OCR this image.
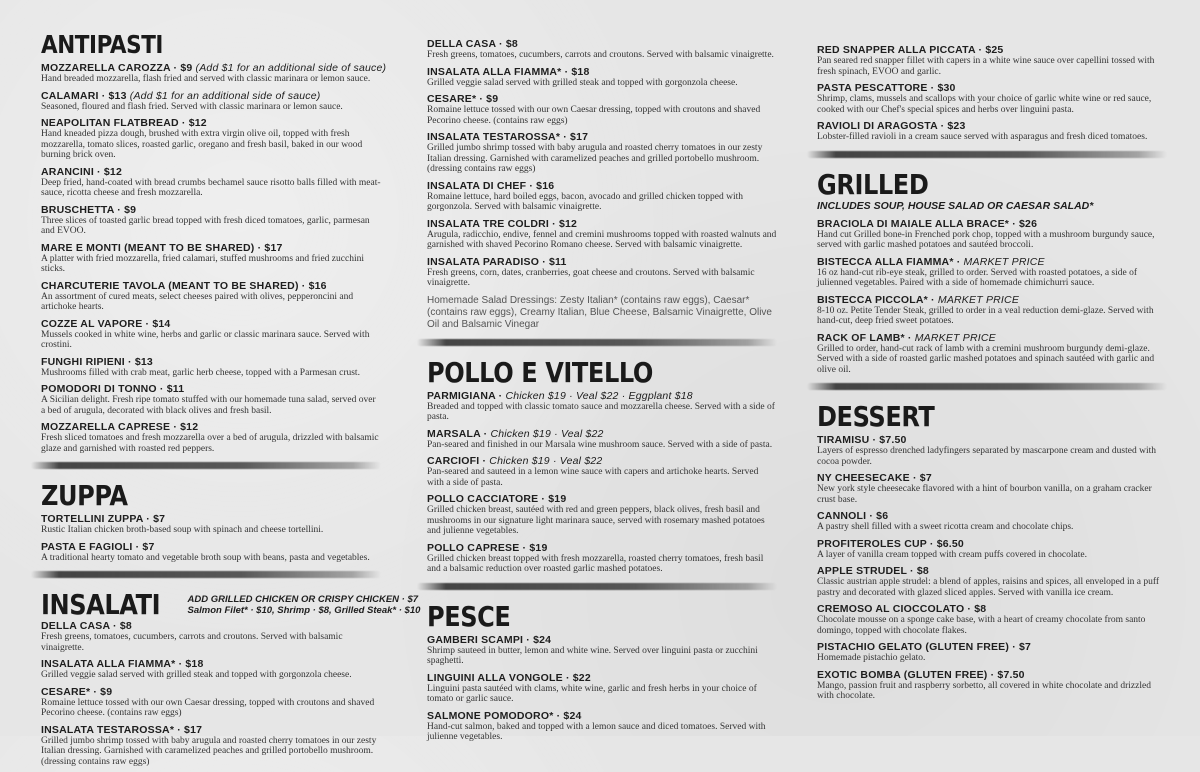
ANTIPASTI
MOZZARELLA CAROZZA · $9 (Add $1 for an additional side of sauce)
Hand breaded mozzarella, flash fried and served with classic marinara or lemon sauce.
CALAMARI · $13 (Add $1 for an additional side of sauce)
Seasoned, floured and flash fried. Served with classic marinara or lemon sauce.
NEAPOLITAN FLATBREAD · $12
Hand kneaded pizza dough, brushed with extra virgin olive oil, topped with fresh mozzarella, tomato slices, roasted garlic, oregano and fresh basil, baked in our wood burning brick oven.
ARANCINI · $12
Deep fried, hand-coated with bread crumbs bechamel sauce risotto balls filled with meat-sauce, ricotta cheese and fresh mozzarella.
BRUSCHETTA · $9
Three slices of toasted garlic bread topped with fresh diced tomatoes, garlic, parmesan and EVOO.
MARE E MONTI (MEANT TO BE SHARED) · $17
A platter with fried mozzarella, fried calamari, stuffed mushrooms and fried zucchini sticks.
CHARCUTERIE TAVOLA (MEANT TO BE SHARED) · $16
An assortment of cured meats, select cheeses paired with olives, pepperoncini and artichoke hearts.
COZZE AL VAPORE · $14
Mussels cooked in white wine, herbs and garlic or classic marinara sauce. Served with crostini.
FUNGHI RIPIENI · $13
Mushrooms filled with crab meat, garlic herb cheese, topped with a Parmesan crust.
POMODORI DI TONNO · $11
A Sicilian delight. Fresh ripe tomato stuffed with our homemade tuna salad, served over a bed of arugula, decorated with black olives and fresh basil.
MOZZARELLA CAPRESE · $12
Fresh sliced tomatoes and fresh mozzarella over a bed of arugula, drizzled with balsamic glaze and garnished with roasted red peppers.
ZUPPA
TORTELLINI ZUPPA · $7
Rustic Italian chicken broth-based soup with spinach and cheese tortellini.
PASTA E FAGIOLI · $7
A traditional hearty tomato and vegetable broth soup with beans, pasta and vegetables.
INSALATI	ADD GRILLED CHICKEN OR CRISPY CHICKEN · $7
Salmon Filet* · $10, Shrimp · $8, Grilled Steak* · $10
DELLA CASA · $8
Fresh greens, tomatoes, cucumbers, carrots and croutons. Served with balsamic vinaigrette.
INSALATA ALLA FIAMMA* · $18
Grilled veggie salad served with grilled steak and topped with gorgonzola cheese.
CESARE* · $9
Romaine lettuce tossed with our own Caesar dressing, topped with croutons and shaved Pecorino cheese. (contains raw eggs)
INSALATA TESTAROSSA* · $17
Grilled jumbo shrimp tossed with baby arugula and roasted cherry tomatoes in our zesty Italian dressing. Garnished with caramelized peaches and grilled portobello mushroom. (dressing contains raw eggs)
DELLA CASA · $8
Fresh greens, tomatoes, cucumbers, carrots and croutons. Served with balsamic vinaigrette.
INSALATA ALLA FIAMMA* · $18
Grilled veggie salad served with grilled steak and topped with gorgonzola cheese.
CESARE* · $9
Romaine lettuce tossed with our own Caesar dressing, topped with croutons and shaved Pecorino cheese. (contains raw eggs)
INSALATA TESTAROSSA* · $17
Grilled jumbo shrimp tossed with baby arugula and roasted cherry tomatoes in our zesty Italian dressing. Garnished with caramelized peaches and grilled portobello mushroom. (dressing contains raw eggs)
INSALATA DI CHEF · $16
Romaine lettuce, hard boiled eggs, bacon, avocado and grilled chicken topped with gorgonzola. Served with balsamic vinaigrette.
INSALATA TRE COLDRI · $12
Arugula, radicchio, endive, fennel and cremini mushrooms topped with roasted walnuts and garnished with shaved Pecorino Romano cheese. Served with balsamic vinaigrette.
INSALATA PARADISO · $11
Fresh greens, corn, dates, cranberries, goat cheese and croutons. Served with balsamic vinaigrette.
Homemade Salad Dressings: Zesty Italian* (contains raw eggs), Caesar* (contains raw eggs), Creamy Italian, Blue Cheese, Balsamic Vinaigrette, Olive Oil and Balsamic Vinegar
POLLO E VITELLO
PARMIGIANA · Chicken $19 · Veal $22 · Eggplant $18
Breaded and topped with classic tomato sauce and mozzarella cheese. Served with a side of pasta.
MARSALA · Chicken $19 · Veal $22
Pan-seared and finished in our Marsala wine mushroom sauce. Served with a side of pasta.
CARCIOFI · Chicken $19 · Veal $22
Pan-seared and sauteed in a lemon wine sauce with capers and artichoke hearts. Served with a side of pasta.
POLLO CACCIATORE · $19
Grilled chicken breast, sautéed with red and green peppers, black olives, fresh basil and mushrooms in our signature light marinara sauce, served with rosemary mashed potatoes and julienne vegetables.
POLLO CAPRESE · $19
Grilled chicken breast topped with fresh mozzarella, roasted cherry tomatoes, fresh basil and a balsamic reduction over roasted garlic mashed potatoes.
PESCE
GAMBERI SCAMPI · $24
Shrimp sauteed in butter, lemon and white wine. Served over linguini pasta or zucchini spaghetti.
LINGUINI ALLA VONGOLE · $22
Linguini pasta sautéed with clams, white wine, garlic and fresh herbs in your choice of tomato or garlic sauce.
SALMONE POMODORO* · $24
Hand-cut salmon, baked and topped with a lemon sauce and diced tomatoes. Served with julienne vegetables.
RED SNAPPER ALLA PICCATA · $25
Pan seared red snapper fillet with capers in a white wine sauce over capellini tossed with fresh spinach, EVOO and garlic.
PASTA PESCATTORE · $30
Shrimp, clams, mussels and scallops with your choice of garlic white wine or red sauce, cooked with our Chef's special spices and herbs over linguini pasta.
RAVIOLI DI ARAGOSTA · $23
Lobster-filled ravioli in a cream sauce served with asparagus and fresh diced tomatoes.
GRILLED
INCLUDES SOUP, HOUSE SALAD OR CAESAR SALAD*
BRACIOLA DI MAIALE ALLA BRACE* · $26
Hand cut Grilled bone-in Frenched pork chop, topped with a mushroom burgundy sauce, served with garlic mashed potatoes and sautéed broccoli.
BISTECCA ALLA FIAMMA* · MARKET PRICE
16 oz hand-cut rib-eye steak, grilled to order. Served with roasted potatoes, a side of julienned vegetables. Paired with a side of homemade chimichurri sauce.
BISTECCA PICCOLA* · MARKET PRICE
8-10 oz. Petite Tender Steak, grilled to order in a veal reduction demi-glaze. Served with hand-cut, deep fried sweet potatoes.
RACK OF LAMB* · MARKET PRICE
Grilled to order, hand-cut rack of lamb with a cremini mushroom burgundy demi-glaze. Served with a side of roasted garlic mashed potatoes and spinach sautéed with garlic and olive oil.
DESSERT
TIRAMISU · $7.50
Layers of espresso drenched ladyfingers separated by mascarpone cream and dusted with cocoa powder.
NY CHEESECAKE · $7
New york style cheesecake flavored with a hint of bourbon vanilla, on a graham cracker crust base.
CANNOLI · $6
A pastry shell filled with a sweet ricotta cream and chocolate chips.
PROFITEROLES CUP · $6.50
A layer of vanilla cream topped with cream puffs covered in chocolate.
APPLE STRUDEL · $8
Classic austrian apple strudel: a blend of apples, raisins and spices, all enveloped in a puff pastry and decorated with glazed sliced apples. Served with vanilla ice cream.
CREMOSO AL CIOCCOLATO · $8
Chocolate mousse on a sponge cake base, with a heart of creamy chocolate from santo domingo, topped with chocolate flakes.
PISTACHIO GELATO (GLUTEN FREE) · $7
Homemade pistachio gelato.
EXOTIC BOMBA (GLUTEN FREE) · $7.50
Mango, passion fruit and raspberry sorbetto, all covered in white chocolate and drizzled with chocolate.
